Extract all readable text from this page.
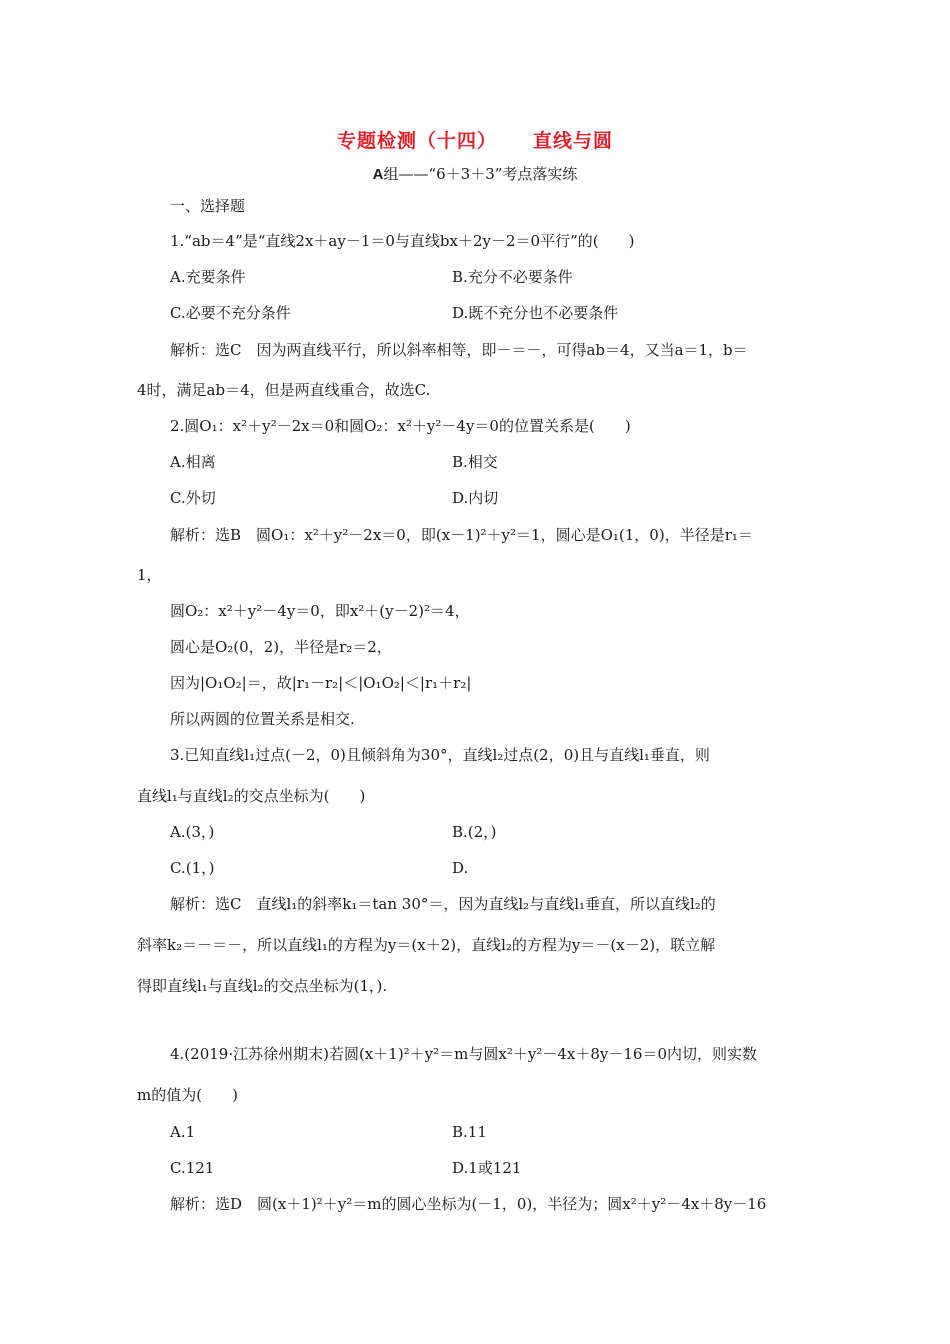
专题检测（十四） 直线与圆
A组——“6＋3＋3”考点落实练
一、选择题
1.“ab＝4”是“直线2x＋ay－1＝0与直线bx＋2y－2＝0平行”的(　　)
A.充要条件	B.充分不必要条件
C.必要不充分条件	D.既不充分也不必要条件
解析：选C　因为两直线平行，所以斜率相等，即－＝－，可得ab＝4，又当a＝1，b＝
4时，满足ab＝4，但是两直线重合，故选C.
2.圆O₁：x²＋y²－2x＝0和圆O₂：x²＋y²－4y＝0的位置关系是(　　)
A.相离	B.相交
C.外切	D.内切
解析：选B　圆O₁：x²＋y²－2x＝0，即(x－1)²＋y²＝1，圆心是O₁(1，0)，半径是r₁＝
1，
圆O₂：x²＋y²－4y＝0，即x²＋(y－2)²＝4，
圆心是O₂(0，2)，半径是r₂＝2，
因为|O₁O₂|＝，故|r₁－r₂|＜|O₁O₂|＜|r₁＋r₂|
所以两圆的位置关系是相交.
3.已知直线l₁过点(－2，0)且倾斜角为30°，直线l₂过点(2，0)且与直线l₁垂直，则
直线l₁与直线l₂的交点坐标为(　　)
A.(3，)	B.(2，)
C.(1，)	D.
解析：选C　直线l₁的斜率k₁＝tan 30°＝，因为直线l₂与直线l₁垂直，所以直线l₂的
斜率k₂＝－＝－，所以直线l₁的方程为y＝(x＋2)，直线l₂的方程为y＝－(x－2)，联立解
得即直线l₁与直线l₂的交点坐标为(1，).
4.(2019·江苏徐州期末)若圆(x＋1)²＋y²＝m与圆x²＋y²－4x＋8y－16＝0内切，则实数
m的值为(　　)
A.1	B.11
C.121	D.1或121
解析：选D　圆(x＋1)²＋y²＝m的圆心坐标为(－1，0)，半径为；圆x²＋y²－4x＋8y－16
